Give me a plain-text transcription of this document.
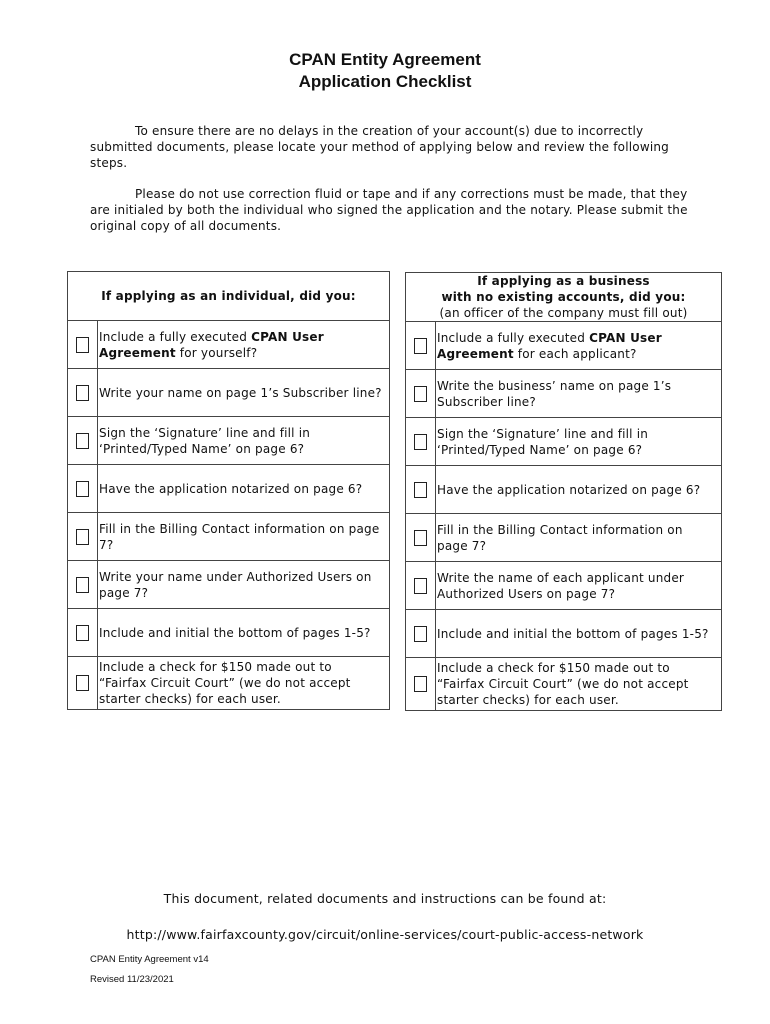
CPAN Entity Agreement
Application Checklist
To ensure there are no delays in the creation of your account(s) due to incorrectly submitted documents, please locate your method of applying below and review the following steps.
Please do not use correction fluid or tape and if any corrections must be made, that they are initialed by both the individual who signed the application and the notary. Please submit the original copy of all documents.
If applying as an individual, did you:	
	Include a fully executed CPAN User Agreement for yourself?
	Write your name on page 1’s Subscriber line?
	Sign the ‘Signature’ line and fill in ‘Printed/Typed Name’ on page 6?
	Have the application notarized on page 6?
	Fill in the Billing Contact information on page 7?
	Write your name under Authorized Users on page 7?
	Include and initial the bottom of pages 1-5?
	Include a check for $150 made out to “Fairfax Circuit Court” (we do not accept starter checks) for each user.
If applying as a business
with no existing accounts, did you:
(an officer of the company must fill out)	

	Include a fully executed CPAN User Agreement for each applicant?
	Write the business’ name on page 1’s Subscriber line?
	Sign the ‘Signature’ line and fill in ‘Printed/Typed Name’ on page 6?
	Have the application notarized on page 6?
	Fill in the Billing Contact information on page 7?
	Write the name of each applicant under Authorized Users on page 7?
	Include and initial the bottom of pages 1-5?
	Include a check for $150 made out to “Fairfax Circuit Court” (we do not accept starter checks) for each user.
This document, related documents and instructions can be found at:
http://www.fairfaxcounty.gov/circuit/online-services/court-public-access-network
CPAN Entity Agreement v14
Revised 11/23/2021
